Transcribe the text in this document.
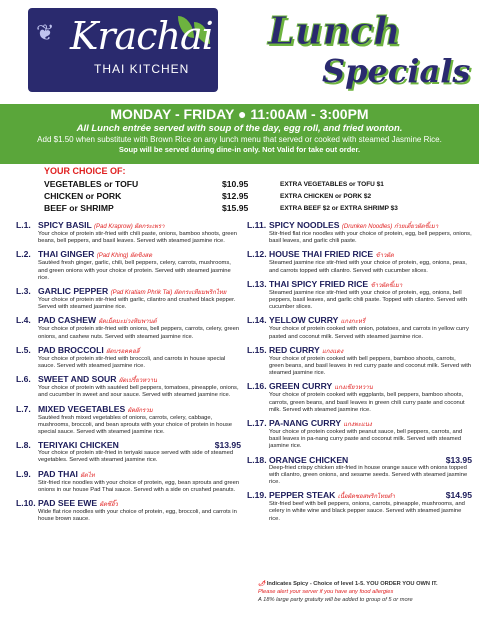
❦ Krachai
THAI KITCHEN
Lunch
Specials
MONDAY - FRIDAY ● 11:00AM - 3:00PM
All Lunch entrée served with soup of the day, egg roll, and fried wonton.
Add $1.50 when substitute with Brown Rice on any lunch menu that served or cooked with steamed Jasmine Rice.
Soup will be served during dine-in only. Not Valid for take out order.
YOUR CHOICE OF:
VEGETABLES or TOFU	$10.95	EXTRA VEGETABLES or TOFU $1
CHICKEN or PORK	$12.95	EXTRA CHICKEN or PORK $2
BEEF or SHRIMP	$15.95	EXTRA BEEF $2 or EXTRA SHRIMP $3
L.1. SPICY BASIL (Pad Kraprow) ผัดกระเพรา
Your choice of protein stir-fried with chili paste, onions, bamboo shoots, green beans, bell peppers, and basil leaves. Served with steamed jasmine rice.
L.2. THAI GINGER (Pad Khing) ผัดขิงสด
Sautéed fresh ginger, garlic, chili, bell peppers, celery, carrots, mushrooms, and green onions with your choice of protein. Served with steamed jasmine rice.
L.3. GARLIC PEPPER (Pad Kratiam Phrik Tai) ผัดกระเทียมพริกไทย
Your choice of protein stir-fried with garlic, cilantro and crushed black pepper. Served with steamed jasmine rice.
L.4. PAD CASHEW ผัดเม็ดมะม่วงหิมพานต์
Your choice of protein stir-fried with onions, bell peppers, carrots, celery, green onions, and cashew nuts. Served with steamed jasmine rice.
L.5. PAD BROCCOLI ผัดบรอคคอลี่
Your choice of protein stir-fried with broccoli, and carrots in house special sauce. Served with steamed jasmine rice.
L.6. SWEET AND SOUR ผัดเปรี้ยวหวาน
Your choice of protein with sautéed bell peppers, tomatoes, pineapple, onions, and cucumber in sweet and sour sauce. Served with steamed jasmine rice.
L.7. MIXED VEGETABLES ผัดผักรวม
Sautéed fresh mixed vegetables of onions, carrots, celery, cabbage, mushrooms, broccoli, and bean sprouts with your choice of protein in house special sauce. Served with steamed jasmine rice.
L.8.	$13.95
TERIYAKI CHICKEN
Your choice of protein stir-fried in teriyaki sauce served with side of steamed vegetables. Served with steamed jasmine rice.
L.9. PAD THAI ผัดไท
Stir-fried rice noodles with your choice of protein, egg, bean sprouts and green onions in our house Pad Thai sauce. Served with a side on crushed peanuts.
L.10. PAD SEE EWE ผัดซีอิ๊ว
Wide flat rice noodles with your choice of protein, egg, broccoli, and carrots in house brown sauce.
L.11. SPICY NOODLES (Drunken Noodles) ก๋วยเตี๋ยวผัดขี้เมา
Stir-fried flat rice noodles with your choice of protein, egg, bell peppers, onions, basil leaves, and garlic chili paste.
L.12. HOUSE THAI FRIED RICE ข้าวผัด
Steamed jasmine rice stir-fried with your choice of protein, egg, onions, peas, and carrots topped with cilantro. Served with cucumber slices.
L.13. THAI SPICY FRIED RICE ข้าวผัดขี้เมา
Steamed jasmine rice stir-fried with your choice of protein, egg, onions, bell peppers, basil leaves, and garlic chili paste. Topped with cilantro. Served with cucumber slices.
L.14. YELLOW CURRY แกงกะหรี่
Your choice of protein cooked with onion, potatoes, and carrots in yellow curry pasted and coconut milk. Served with steamed jasmine rice.
L.15. RED CURRY แกงแดง
Your choice of protein cooked with bell peppers, bamboo shoots, carrots, green beans, and basil leaves in red curry paste and coconut milk. Served with steamed jasmine rice.
L.16. GREEN CURRY แกงเขียวหวาน
Your choice of protein cooked with eggplants, bell peppers, bamboo shoots, carrots, green beans, and basil leaves in green chili curry paste and coconut milk. Served with steamed jasmine rice.
L.17. PA-NANG CURRY แกงพะแนง
Your choice of protein cooked with peanut sauce, bell peppers, carrots, and basil leaves in pa-nang curry paste and coconut milk. Served with steamed jasmine rice.
L.18.	$13.95
ORANGE CHICKEN
Deep-fried crispy chicken stir-fried in house orange sauce with onions topped with cilantro, green onions, and sesame seeds. Served with steamed jasmine rice.
L.19.	$14.95
PEPPER STEAK เนื้อผัดซอสพริกไทยดำ
Stir-fried beef with bell peppers, onions, carrots, pineapple, mushrooms, and celery in white wine and black pepper sauce. Served with steamed jasmine rice.
🌶 Indicates Spicy - Choice of level 1-5. YOU ORDER YOU OWN IT.
Please alert your server if you have any food allergies
A 18% large party gratuity will be added to group of 5 or more
